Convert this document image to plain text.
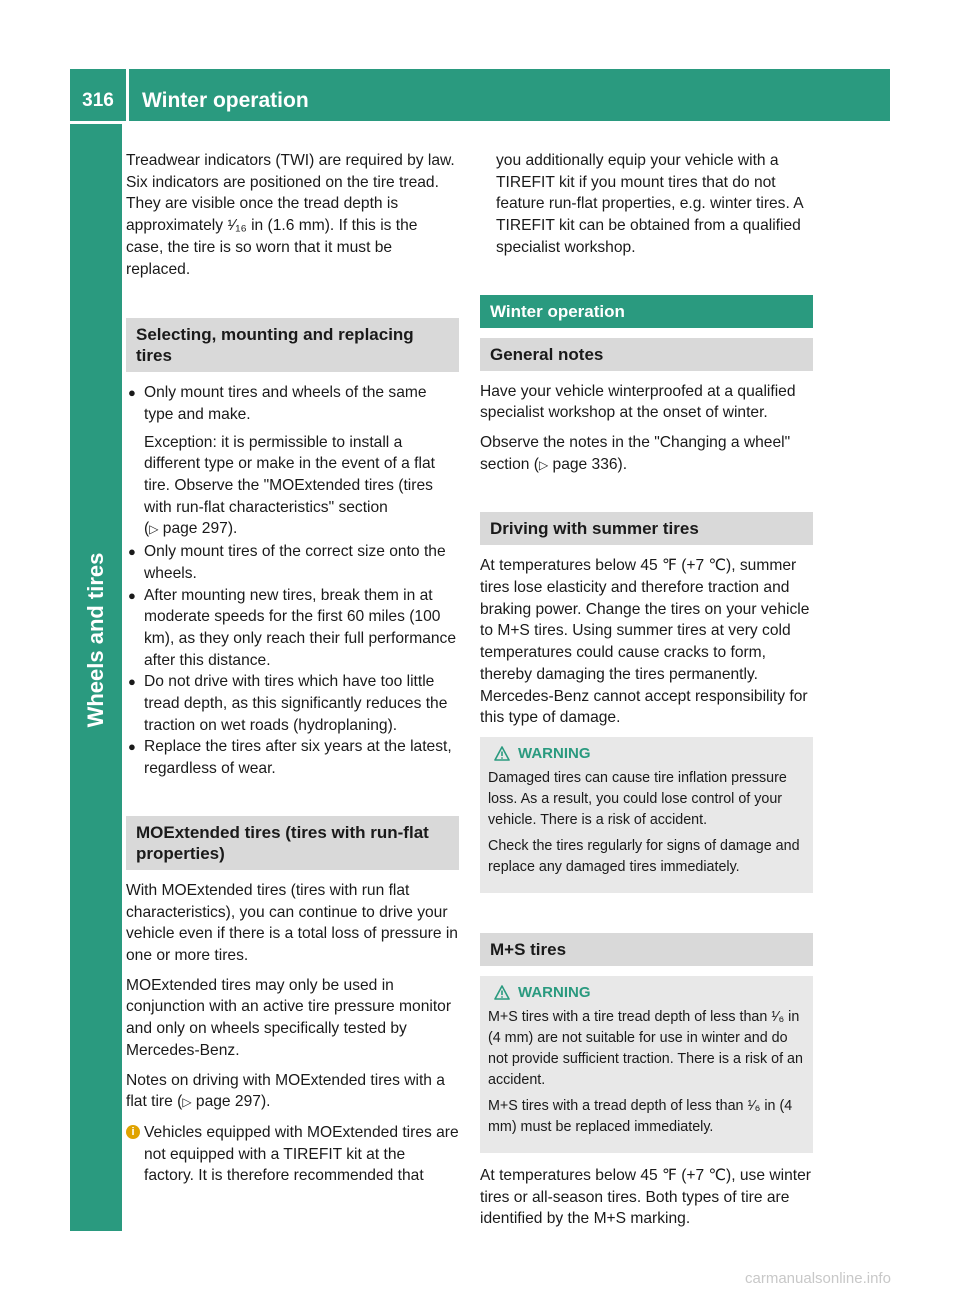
316	Winter operation
Wheels and tires

Treadwear indicators (TWI) are required by law. Six indicators are positioned on the tire tread. They are visible once the tread depth is approximately ¹⁄₁₆ in (1.6 mm). If this is the case, the tire is so worn that it must be replaced.

Selecting, mounting and replacing tires
● Only mount tires and wheels of the same type and make.

Exception: it is permissible to install a different type or make in the event of a flat tire. Observe the "MOExtended tires (tires with run-flat characteristics" section
(▷ page 297).

● Only mount tires of the correct size onto the wheels.
● After mounting new tires, break them in at moderate speeds for the first 60 miles (100 km), as they only reach their full performance after this distance.
● Do not drive with tires which have too little tread depth, as this significantly reduces the traction on wet roads (hydroplaning).
● Replace the tires after six years at the latest, regardless of wear.
MOExtended tires (tires with run-flat properties)

With MOExtended tires (tires with run flat characteristics), you can continue to drive your vehicle even if there is a total loss of pressure in one or more tires.

MOExtended tires may only be used in conjunction with an active tire pressure monitor and only on wheels specifically tested by Mercedes-Benz.

Notes on driving with MOExtended tires with a flat tire (▷ page 297).

i Vehicles equipped with MOExtended tires are not equipped with a TIREFIT kit at the factory. It is therefore recommended that

you additionally equip your vehicle with a TIREFIT kit if you mount tires that do not feature run-flat properties, e.g. winter tires. A TIREFIT kit can be obtained from a qualified specialist workshop.

Winter operation
General notes

Have your vehicle winterproofed at a qualified specialist workshop at the onset of winter.

Observe the notes in the "Changing a wheel" section (▷ page 336).

Driving with summer tires

At temperatures below 45 ℉ (+7 ℃), summer tires lose elasticity and therefore traction and braking power. Change the tires on your vehicle to M+S tires. Using summer tires at very cold temperatures could cause cracks to form, thereby damaging the tires permanently. Mercedes-Benz cannot accept responsibility for this type of damage.

WARNING

Damaged tires can cause tire inflation pressure loss. As a result, you could lose control of your vehicle. There is a risk of accident.

Check the tires regularly for signs of damage and replace any damaged tires immediately.

M+S tires
WARNING

M+S tires with a tire tread depth of less than ¹⁄₆ in (4 mm) are not suitable for use in winter and do not provide sufficient traction. There is a risk of an accident.

M+S tires with a tread depth of less than ¹⁄₆ in (4 mm) must be replaced immediately.

At temperatures below 45 ℉ (+7 ℃), use winter tires or all-season tires. Both types of tire are identified by the M+S marking.

carmanualsonline.info
